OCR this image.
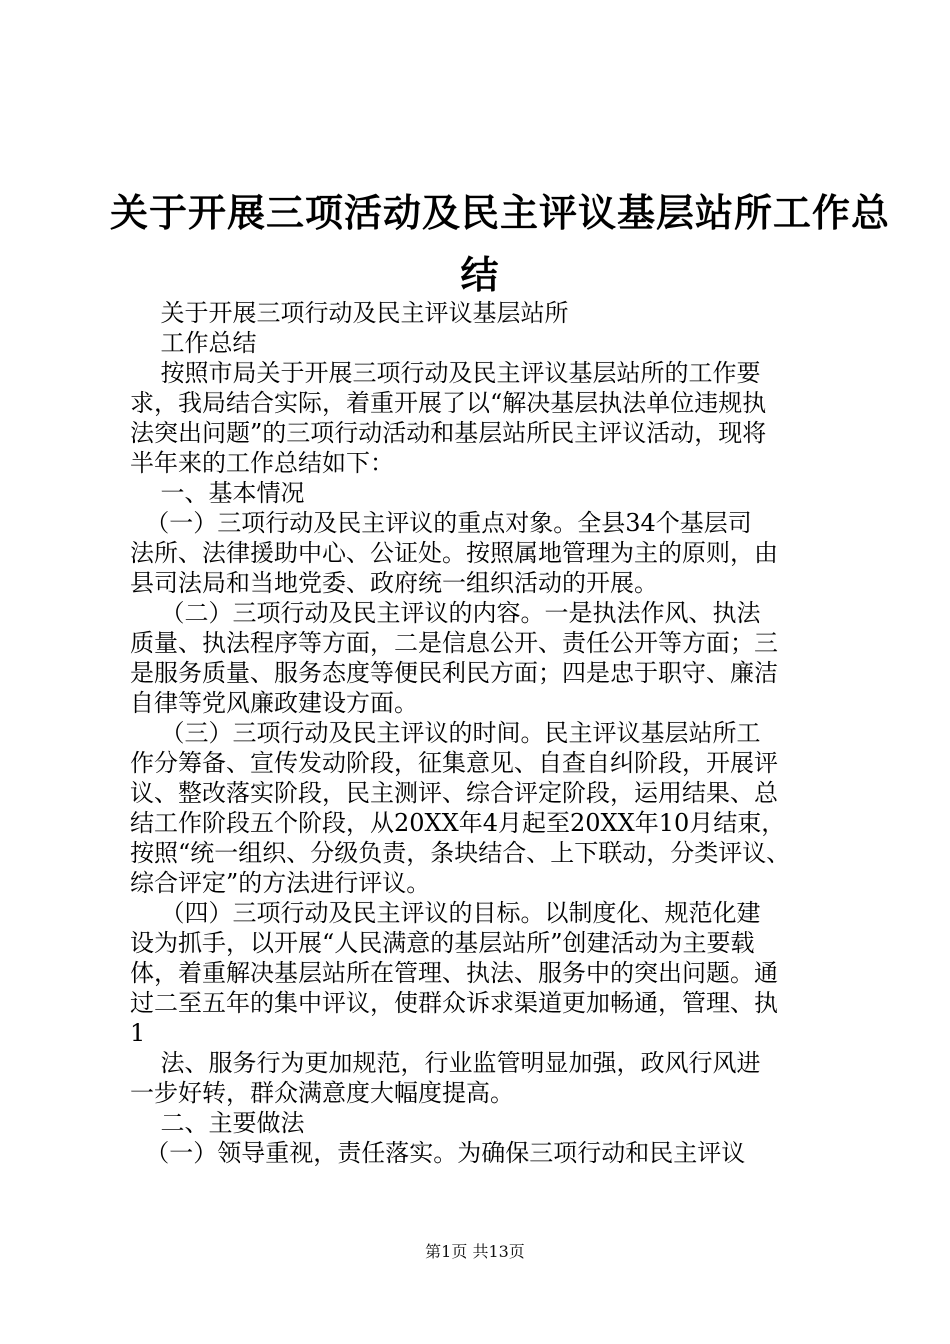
关于开展三项活动及民主评议基层站所工作总
结
关于开展三项行动及民主评议基层站所
工作总结
按照市局关于开展三项行动及民主评议基层站所的工作要
求，我局结合实际，着重开展了以“解决基层执法单位违规执
法突出问题”的三项行动活动和基层站所民主评议活动，现将
半年来的工作总结如下：
一、基本情况
（一）三项行动及民主评议的重点对象。全县34个基层司
法所、法律援助中心、公证处。按照属地管理为主的原则，由
县司法局和当地党委、政府统一组织活动的开展。
（二）三项行动及民主评议的内容。一是执法作风、执法
质量、执法程序等方面，二是信息公开、责任公开等方面；三
是服务质量、服务态度等便民利民方面；四是忠于职守、廉洁
自律等党风廉政建设方面。
（三）三项行动及民主评议的时间。民主评议基层站所工
作分筹备、宣传发动阶段，征集意见、自查自纠阶段，开展评
议、整改落实阶段，民主测评、综合评定阶段，运用结果、总
结工作阶段五个阶段，从20XX年4月起至20XX年10月结束，
按照“统一组织、分级负责，条块结合、上下联动，分类评议、
综合评定”的方法进行评议。
（四）三项行动及民主评议的目标。以制度化、规范化建
设为抓手，以开展“人民满意的基层站所”创建活动为主要载
体，着重解决基层站所在管理、执法、服务中的突出问题。通
过二至五年的集中评议，使群众诉求渠道更加畅通，管理、执
1
法、服务行为更加规范，行业监管明显加强，政风行风进
一步好转，群众满意度大幅度提高。
二、主要做法
（一）领导重视，责任落实。为确保三项行动和民主评议
第1页 共13页
